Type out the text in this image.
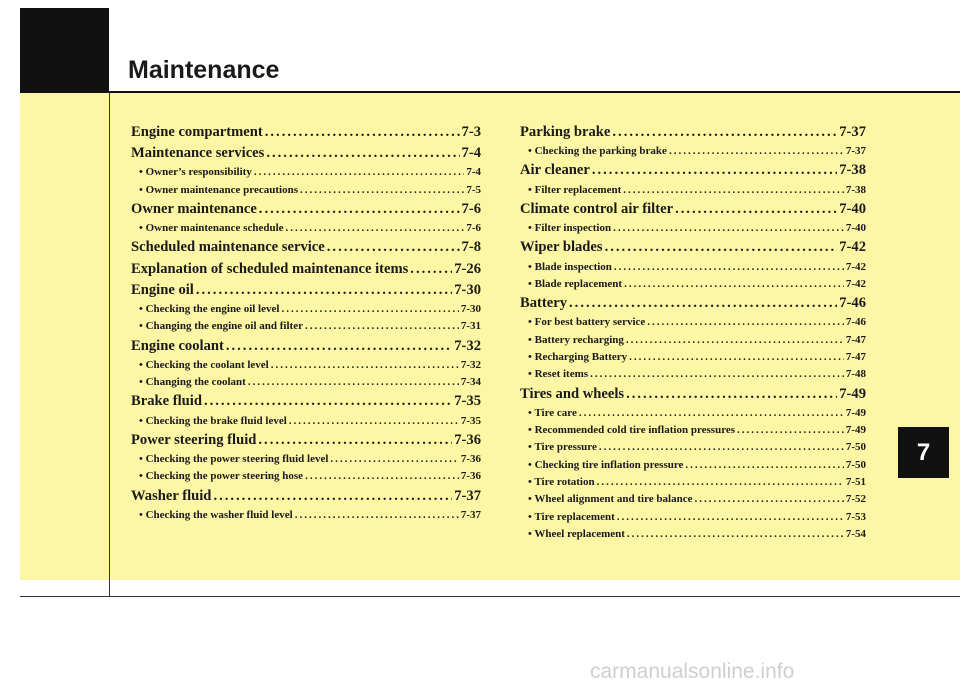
Maintenance
Engine compartment .....	7-3
Maintenance services .....	7-4
• Owner’s responsibility .....	7-4
• Owner maintenance precautions .....	7-5
Owner maintenance .....	7-6
• Owner maintenance schedule .....	7-6
Scheduled maintenance service .....	7-8
Explanation of scheduled maintenance items .....	7-26
Engine oil .....	7-30
• Checking the engine oil level .....	7-30
• Changing the engine oil and filter .....	7-31
Engine coolant .....	7-32
• Checking the coolant level .....	7-32
• Changing the coolant .....	7-34
Brake fluid .....	7-35
• Checking the brake fluid level .....	7-35
Power steering fluid .....	7-36
• Checking the power steering fluid level .....	7-36
• Checking the power steering hose .....	7-36
Washer fluid .....	7-37
• Checking the washer fluid level .....	7-37
Parking brake .....	7-37
• Checking the parking brake .....	7-37
Air cleaner .....	7-38
• Filter replacement .....	7-38
Climate control air filter .....	7-40
• Filter inspection .....	7-40
Wiper blades .....	7-42
• Blade inspection .....	7-42
• Blade replacement .....	7-42
Battery .....	7-46
• For best battery service .....	7-46
• Battery recharging .....	7-47
• Recharging Battery .....	7-47
• Reset items .....	7-48
Tires and wheels .....	7-49
• Tire care .....	7-49
• Recommended cold tire inflation pressures .....	7-49
• Tire pressure .....	7-50
• Checking tire inflation pressure .....	7-50
• Tire rotation .....	7-51
• Wheel alignment and tire balance .....	7-52
• Tire replacement .....	7-53
• Wheel replacement .....	7-54
7
carmanualsonline.info
